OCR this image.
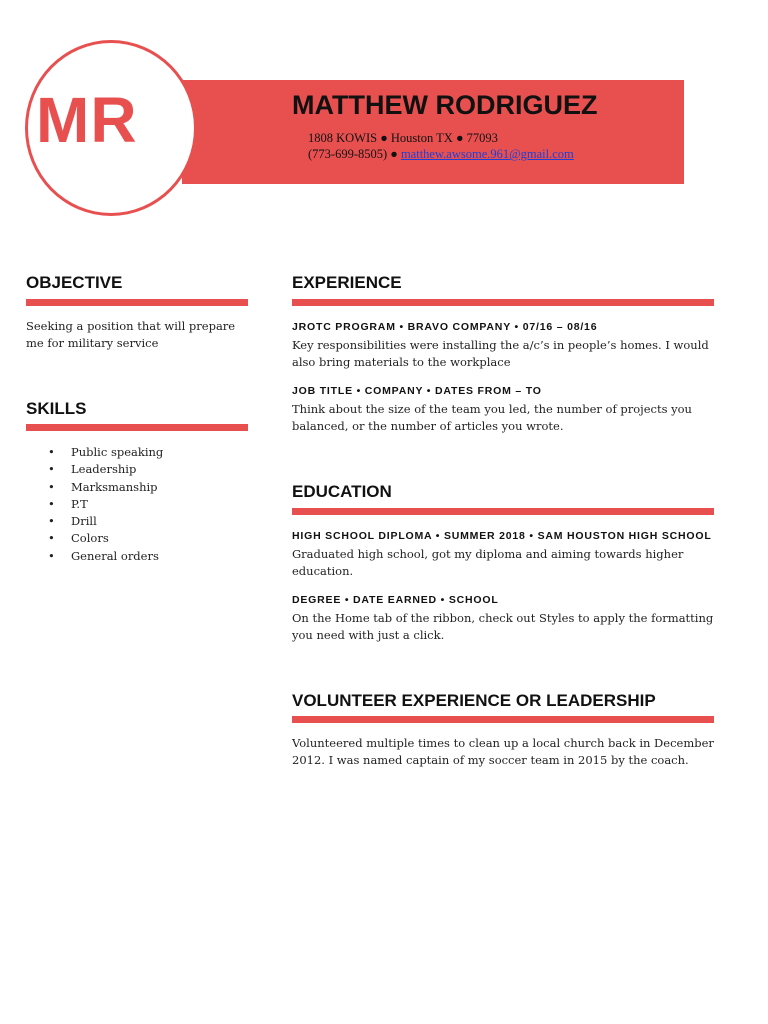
MR	MATTHEW RODRIGUEZ
1808 KOWIS ● Houston TX ● 77093
(773-699-8505) ● matthew.awsome.961@gmail.com
OBJECTIVE
Seeking a position that will prepare
me for military service
SKILLS
• Public speaking
• Leadership
• Marksmanship
• P.T
• Drill
• Colors
• General orders
EXPERIENCE
JROTC PROGRAM • BRAVO COMPANY • 07/16 – 08/16
Key responsibilities were installing the a/c’s in people’s homes. I would
also bring materials to the workplace
JOB TITLE • COMPANY • DATES FROM – TO
Think about the size of the team you led, the number of projects you
balanced, or the number of articles you wrote.
EDUCATION
HIGH SCHOOL DIPLOMA • SUMMER 2018 • SAM HOUSTON HIGH SCHOOL
Graduated high school, got my diploma and aiming towards higher
education.
DEGREE • DATE EARNED • SCHOOL
On the Home tab of the ribbon, check out Styles to apply the formatting
you need with just a click.
VOLUNTEER EXPERIENCE OR LEADERSHIP
Volunteered multiple times to clean up a local church back in December
2012. I was named captain of my soccer team in 2015 by the coach.
